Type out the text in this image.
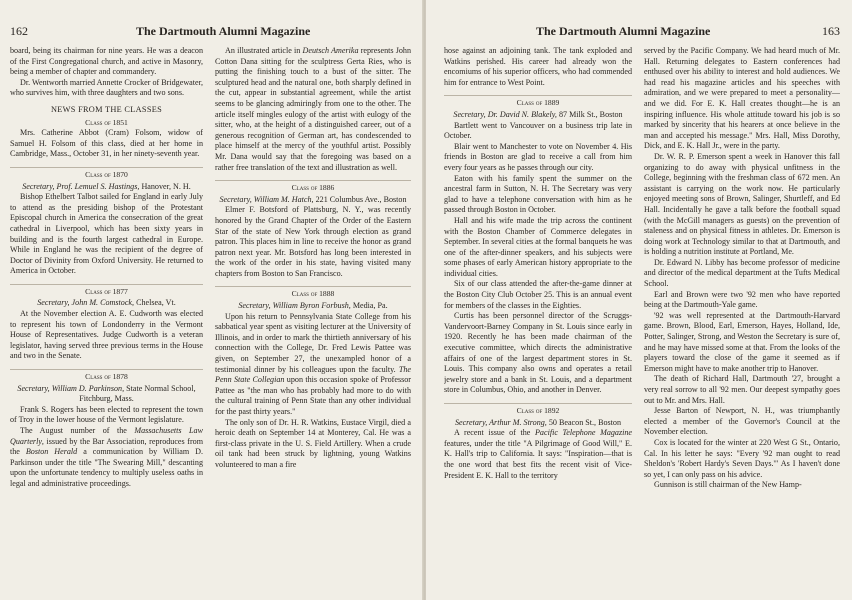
162	The Dartmouth Alumni Magazine

board, being its chairman for nine years. He was a deacon of the First Congregational church, and active in Masonry, being a member of chapter and commandery.

Dr. Wentworth married Annette Crocker of Bridgewater, who survives him, with three daughters and two sons.

NEWS FROM THE CLASSES
Class of 1851

Mrs. Catherine Abbot (Cram) Folsom, widow of Samuel H. Folsom of this class, died at her home in Cambridge, Mass., October 31, in her ninety-seventh year.

Class of 1870
Secretary, Prof. Lemuel S. Hastings, Hanover, N. H.

Bishop Ethelbert Talbot sailed for England in early July to attend as the presiding bishop of the Protestant Episcopal church in America the consecration of the great cathedral in Liverpool, which has been sixty years in building and is the fourth largest cathedral in Europe. While in England he was the recipient of the degree of Doctor of Divinity from Oxford University. He returned to America in October.

Class of 1877
Secretary, John M. Comstock, Chelsea, Vt.

At the November election A. E. Cudworth was elected to represent his town of Londonderry in the Vermont House of Representatives. Judge Cudworth is a veteran legislator, having served three previous terms in the House and two in the Senate.

Class of 1878
Secretary, William D. Parkinson, State Normal School, Fitchburg, Mass.

Frank S. Rogers has been elected to represent the town of Troy in the lower house of the Vermont legislature.

The August number of the Massachusetts Law Quarterly, issued by the Bar Association, reproduces from the Boston Herald a communication by William D. Parkinson under the title "The Swearing Mill," descanting upon the unfortunate tendency to multiply useless oaths in legal and administrative proceedings.

An illustrated article in Deutsch Amerika represents John Cotton Dana sitting for the sculptress Gerta Ries, who is putting the finishing touch to a bust of the sitter. The sculptured head and the natural one, both sharply defined in the cut, appear in substantial agreement, while the artist seems to be glancing admiringly from one to the other. The article itself mingles eulogy of the artist with eulogy of the sitter, who, at the height of a distinguished career, out of a generous recognition of German art, has condescended to place himself at the mercy of the youthful artist. Possibly Mr. Dana would say that the foregoing was based on a rather free translation of the text and illustration as well.

Class of 1886
Secretary, William M. Hatch, 221 Columbus Ave., Boston

Elmer F. Botsford of Plattsburg, N. Y., was recently honored by the Grand Chapter of the Order of the Eastern Star of the state of New York through election as grand patron. This places him in line to receive the honor as grand patron next year. Mr. Botsford has long been interested in the work of the order in his state, having visited many chapters from Boston to San Francisco.

Class of 1888
Secretary, William Byron Forbush, Media, Pa.

Upon his return to Pennsylvania State College from his sabbatical year spent as visiting lecturer at the University of Illinois, and in order to mark the thirtieth anniversary of his connection with the College, Dr. Fred Lewis Pattee was given, on September 27, the unexampled honor of a testimonial dinner by his colleagues upon the faculty. The Penn State Collegian upon this occasion spoke of Professor Pattee as "the man who has probably had more to do with the cultural training of Penn State than any other individual for the past thirty years."

The only son of Dr. H. R. Watkins, Eustace Virgil, died a heroic death on September 14 at Monterey, Cal. He was a first-class private in the U. S. Field Artillery. When a crude oil tank had been struck by lightning, young Watkins volunteered to man a fire

The Dartmouth Alumni Magazine	163

hose against an adjoining tank. The tank exploded and Watkins perished. His career had already won the encomiums of his superior officers, who had commended him for entrance to West Point.

Class of 1889
Secretary, Dr. David N. Blakely, 87 Milk St., Boston

Bartlett went to Vancouver on a business trip late in October.

Blair went to Manchester to vote on November 4. His friends in Boston are glad to receive a call from him every four years as he passes through our city.

Eaton with his family spent the summer on the ancestral farm in Sutton, N. H. The Secretary was very glad to have a telephone conversation with him as he passed through Boston in October.

Hall and his wife made the trip across the continent with the Boston Chamber of Commerce delegates in September. In several cities at the formal banquets he was one of the after-dinner speakers, and his subjects were some phases of early American history appropriate to the individual cities.

Six of our class attended the after-the-game dinner at the Boston City Club October 25. This is an annual event for members of the classes in the Eighties.

Curtis has been personnel director of the Scruggs-Vandervoort-Barney Company in St. Louis since early in 1920. Recently he has been made chairman of the executive committee, which directs the administrative affairs of one of the largest department stores in St. Louis. This company also owns and operates a retail jewelry store and a bank in St. Louis, and a department store in Columbus, Ohio, and another in Denver.

Class of 1892
Secretary, Arthur M. Strong, 50 Beacon St., Boston

A recent issue of the Pacific Telephone Magazine features, under the title "A Pilgrimage of Good Will," E. K. Hall's trip to California. It says: "Inspiration—that is the one word that best fits the recent visit of Vice-President E. K. Hall to the territory

served by the Pacific Company. We had heard much of Mr. Hall. Returning delegates to Eastern conferences had enthused over his ability to interest and hold audiences. We had read his magazine articles and his speeches with admiration, and we were prepared to meet a personality—and we did. For E. K. Hall creates thought—he is an inspiring influence. His whole attitude toward his job is so marked by sincerity that his hearers at once believe in the man and accepted his message." Mrs. Hall, Miss Dorothy, Dick, and E. K. Hall Jr., were in the party.

Dr. W. R. P. Emerson spent a week in Hanover this fall organizing to do away with physical unfitness in the College, beginning with the freshman class of 672 men. An assistant is carrying on the work now. He particularly enjoyed meeting sons of Brown, Salinger, Shurtleff, and Ed Hall. Incidentally he gave a talk before the football squad (with the McGill managers as guests) on the prevention of staleness and on physical fitness in athletes. Dr. Emerson is doing work at Technology similar to that at Dartmouth, and is holding a nutrition institute at Portland, Me.

Dr. Edward N. Libby has become professor of medicine and director of the medical department at the Tufts Medical School.

Earl and Brown were two '92 men who have reported being at the Dartmouth-Yale game.

'92 was well represented at the Dartmouth-Harvard game. Brown, Blood, Earl, Emerson, Hayes, Holland, Ide, Potter, Salinger, Strong, and Weston the Secretary is sure of, and he may have missed some at that. From the looks of the players toward the close of the game it seemed as if Emerson might have to make another trip to Hanover.

The death of Richard Hall, Dartmouth '27, brought a very real sorrow to all '92 men. Our deepest sympathy goes out to Mr. and Mrs. Hall.

Jesse Barton of Newport, N. H., was triumphantly elected a member of the Governor's Council at the November election.

Cox is located for the winter at 220 West G St., Ontario, Cal. In his letter he says: "Every '92 man ought to read Sheldon's 'Robert Hardy's Seven Days.'" As I haven't done so yet, I can only pass on his advice.

Gunnison is still chairman of the New Hamp-
